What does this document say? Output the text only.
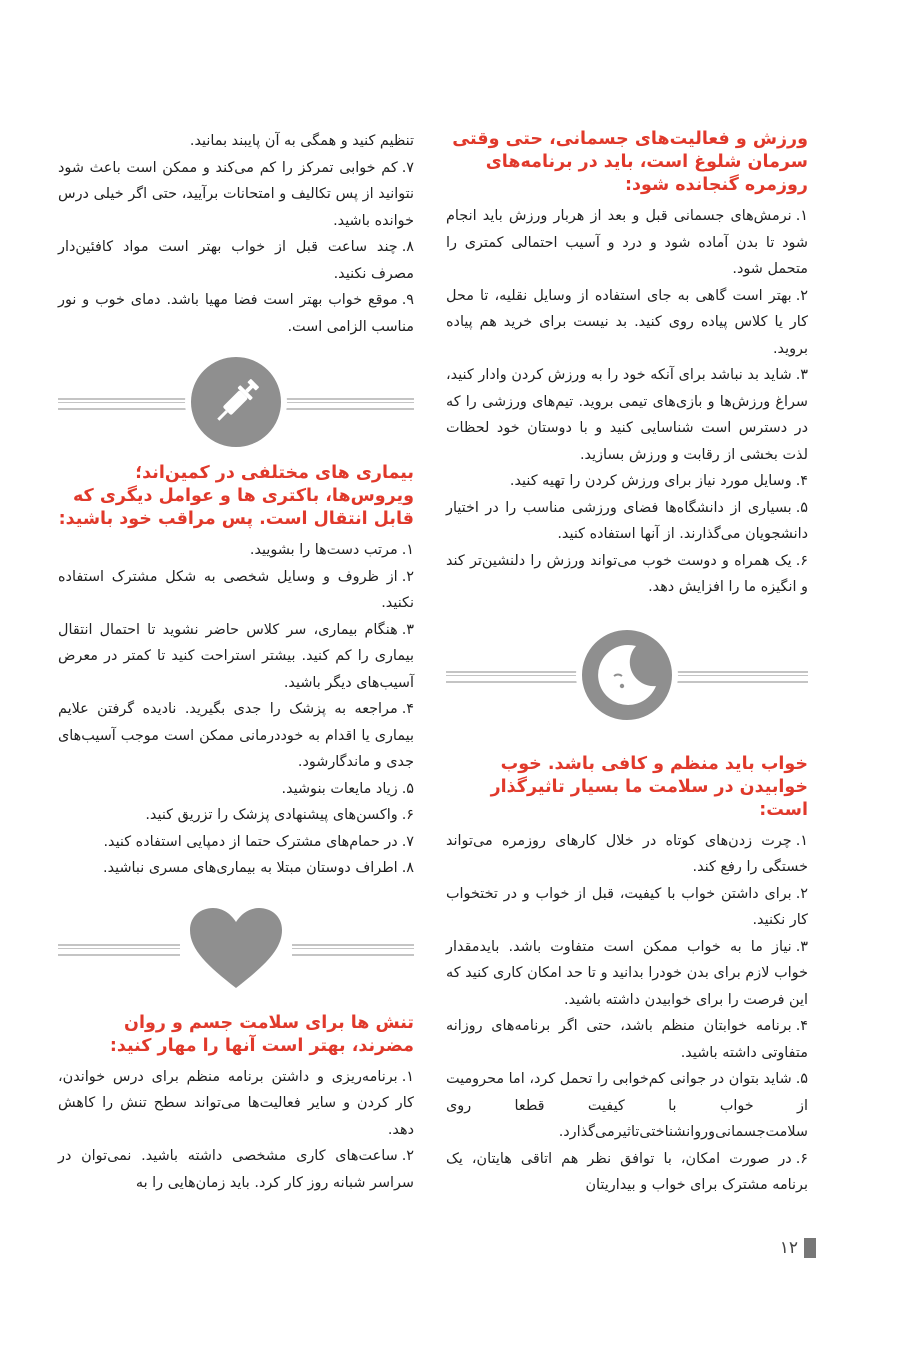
ورزش و فعالیت‌های جسمانی، حتی وقتی سرمان شلوغ است، باید در برنامه‌های روزمره گنجانده شود:

۱.نرمش‌های جسمانی قبل و بعد از هربار ورزش باید انجام شود تا بدن آماده شود و درد و آسیب احتمالی کمتری را متحمل شود.

۲.بهتر است گاهی به جای استفاده از وسایل نقلیه، تا محل کار یا کلاس پیاده روی کنید. بد نیست برای خرید هم پیاده بروید.

۳.شاید بد نباشد برای آنکه خود را به ورزش کردن وادار کنید، سراغ ورزش‌ها و بازی‌های تیمی بروید. تیم‌های ورزشی را که در دسترس است شناسایی کنید و با دوستان خود لحظات لذت بخشی از رقابت و ورزش بسازید.

۴.وسایل مورد نیاز برای ورزش کردن را تهیه کنید.

۵.بسیاری از دانشگاه‌ها فضای ورزشی مناسب را در اختیار دانشجویان می‌گذارند. از آنها استفاده کنید.

۶.یک همراه و دوست خوب می‌تواند ورزش را دلنشین‌تر کند و انگیزه ما را افزایش دهد.

خواب باید منظم و کافی باشد. خوب خوابیدن در سلامت ما بسیار تاثیرگذار است:

۱.چرت زدن‌های کوتاه در خلال کارهای روزمره می‌تواند خستگی را رفع کند.

۲.برای داشتن خواب با کیفیت، قبل از خواب و در تختخواب کار نکنید.

۳.نیاز ما به خواب ممکن است متفاوت باشد. بایدمقدار خواب لازم برای بدن خودرا بدانید و تا حد امکان کاری کنید که این فرصت را برای خوابیدن داشته باشید.

۴.برنامه خوابتان منظم باشد، حتی اگر برنامه‌های روزانه متفاوتی داشته باشید.

۵.شاید بتوان در جوانی کم‌خوابی را تحمل کرد، اما محرومیت از خواب با کیفیت قطعا روی سلامت‌جسمانی‌و‌روانشناختی‌تاثیر‌می‌گذارد.

۶.در صورت امکان، با توافق نظر هم اتاقی هایتان، یک برنامه مشترک برای خواب و بیداریتان

تنظیم کنید و همگی به آن پایبند بمانید.

۷.کم خوابی تمرکز را کم می‌کند و ممکن است باعث شود نتوانید از پس تکالیف و امتحانات برآیید، حتی اگر خیلی درس خوانده باشید.

۸.چند ساعت قبل از خواب بهتر است مواد کافئین‌دار مصرف نکنید.

۹.موقع خواب بهتر است فضا مهیا باشد. دمای خوب و نور مناسب الزامی است.

بیماری های مختلفی در کمین‌اند؛ ویروس‌ها، باکتری ها و عوامل دیگری که قابل انتقال است. پس مراقب خود باشید:

۱.مرتب دست‌ها را بشویید.

۲.از ظروف و وسایل شخصی به شکل مشترک استفاده نکنید.

۳.هنگام بیماری، سر کلاس حاضر نشوید تا احتمال انتقال بیماری را کم کنید. بیشتر استراحت کنید تا کمتر در معرض آسیب‌های دیگر باشید.

۴.مراجعه به پزشک را جدی بگیرید. نادیده گرفتن علایم بیماری یا اقدام به خوددرمانی ممکن است موجب آسیب‌های جدی و ماندگارشود.

۵.زیاد مایعات بنوشید.

۶.واکسن‌های پیشنهادی پزشک را تزریق کنید.

۷.در حمام‌های مشترک حتما از دمپایی استفاده کنید.

۸.اطراف دوستان مبتلا به بیماری‌های مسری نباشید.

تنش ها برای سلامت جسم و روان مضرند، بهتر است آنها را مهار کنید:

۱.برنامه‌ریزی و داشتن برنامه منظم برای درس خواندن، کار کردن و سایر فعالیت‌ها می‌تواند سطح تنش را کاهش دهد.

۲.ساعت‌های کاری مشخصی داشته باشید. نمی‌توان در سراسر شبانه روز کار کرد. باید زمان‌هایی را به

۱۲
